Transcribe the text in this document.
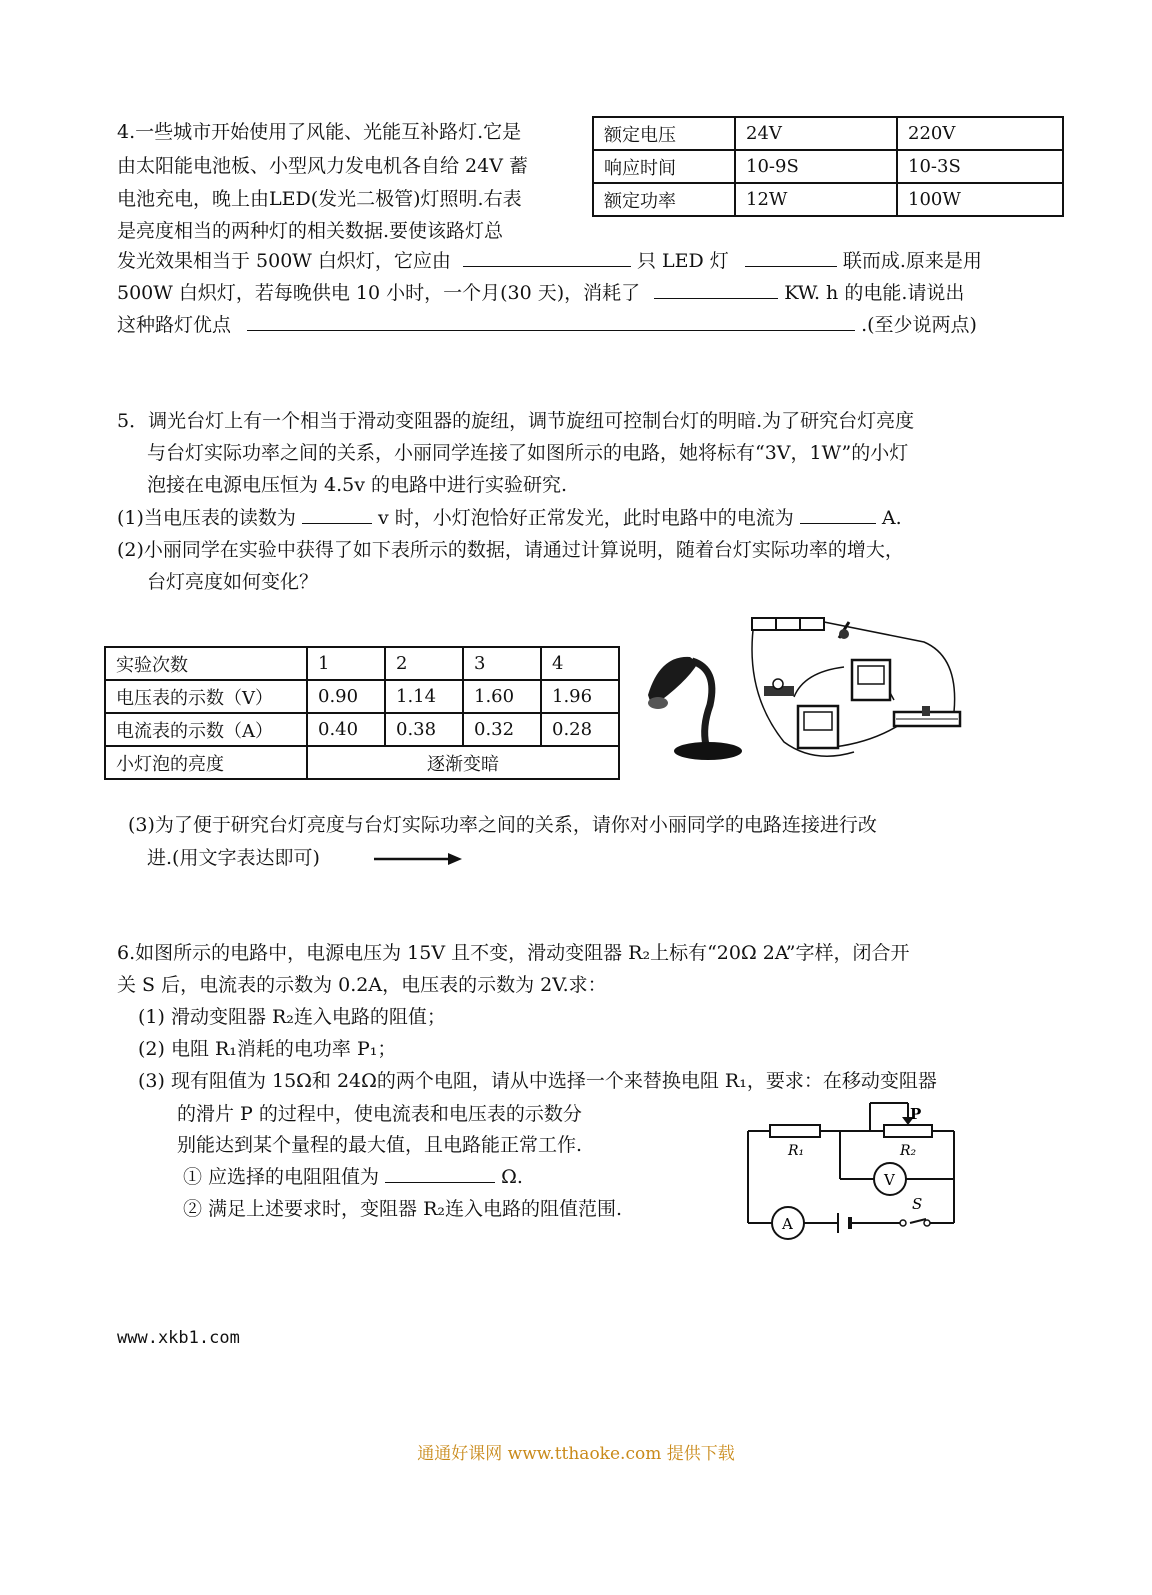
4.一些城市开始使用了风能、光能互补路灯.它是
由太阳能电池板、小型风力发电机各自给 24V 蓄
电池充电，晚上由LED(发光二极管)灯照明.右表
是亮度相当的两种灯的相关数据.要使该路灯总
额定电压	24V	220V
响应时间	10-9S	10-3S
额定功率	12W	100W
发光效果相当于 500W 白炽灯，它应由	只 LED 灯	联而成.原来是用
500W 白炽灯，若每晚供电 10 小时，一个月(30 天)，消耗了	KW. h 的电能.请说出
这种路灯优点	.(至少说两点)
5．调光台灯上有一个相当于滑动变阻器的旋纽，调节旋纽可控制台灯的明暗.为了研究台灯亮度
与台灯实际功率之间的关系，小丽同学连接了如图所示的电路，她将标有“3V，1W”的小灯
泡接在电源电压恒为 4.5v 的电路中进行实验研究.
(1)当电压表的读数为	v 时，小灯泡恰好正常发光，此时电路中的电流为	A.
(2)小丽同学在实验中获得了如下表所示的数据，请通过计算说明，随着台灯实际功率的增大，
台灯亮度如何变化？
实验次数	1	2	3	4
电压表的示数（V）	0.90	1.14	1.60	1.96
电流表的示数（A）	0.40	0.38	0.32	0.28
小灯泡的亮度	逐渐变暗			
(3)为了便于研究台灯亮度与台灯实际功率之间的关系，请你对小丽同学的电路连接进行改
进.(用文字表达即可)
6.如图所示的电路中，电源电压为 15V 且不变，滑动变阻器 R₂上标有“20Ω 2A”字样，闭合开
关 S 后，电流表的示数为 0.2A，电压表的示数为 2V.求：
(1) 滑动变阻器 R₂连入电路的阻值；
(2) 电阻 R₁消耗的电功率 P₁；
(3) 现有阻值为 15Ω和 24Ω的两个电阻，请从中选择一个来替换电阻 R₁，要求：在移动变阻器
的滑片 P 的过程中，使电流表和电压表的示数分
别能达到某个量程的最大值，且电路能正常工作.
① 应选择的电阻阻值为	Ω.
② 满足上述要求时，变阻器 R₂连入电路的阻值范围.
P
R₁	R₂
V
A
S
www.xkb1.com
通通好课网 www.tthaoke.com 提供下载
